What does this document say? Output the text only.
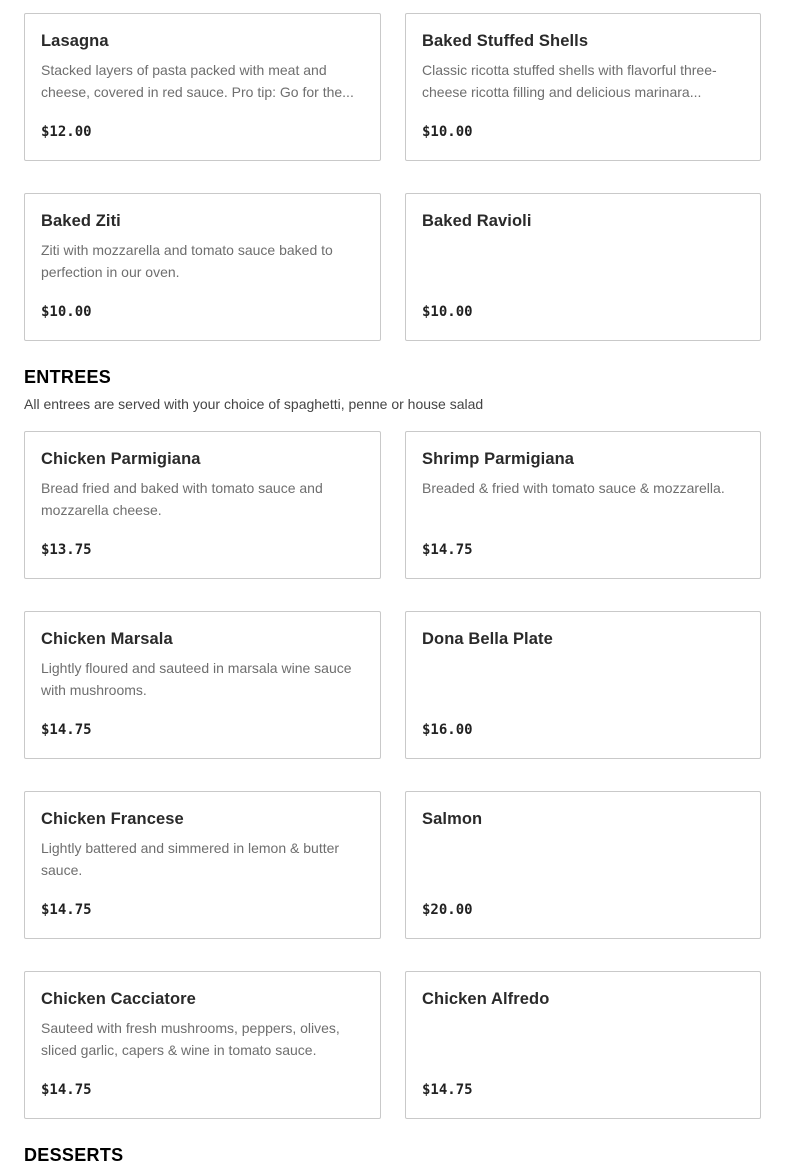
Lasagna
Stacked layers of pasta packed with meat and cheese, covered in red sauce. Pro tip: Go for the...
$12.00
Baked Stuffed Shells
Classic ricotta stuffed shells with flavorful three-cheese ricotta filling and delicious marinara...
$10.00
Baked Ziti
Ziti with mozzarella and tomato sauce baked to perfection in our oven.
$10.00
Baked Ravioli
$10.00
ENTREES

All entrees are served with your choice of spaghetti, penne or house salad

Chicken Parmigiana
Bread fried and baked with tomato sauce and mozzarella cheese.
$13.75
Shrimp Parmigiana
Breaded & fried with tomato sauce & mozzarella.
$14.75
Chicken Marsala
Lightly floured and sauteed in marsala wine sauce with mushrooms.
$14.75
Dona Bella Plate
$16.00
Chicken Francese
Lightly battered and simmered in lemon & butter sauce.
$14.75
Salmon
$20.00
Chicken Cacciatore
Sauteed with fresh mushrooms, peppers, olives, sliced garlic, capers & wine in tomato sauce.
$14.75
Chicken Alfredo
$14.75
DESSERTS
